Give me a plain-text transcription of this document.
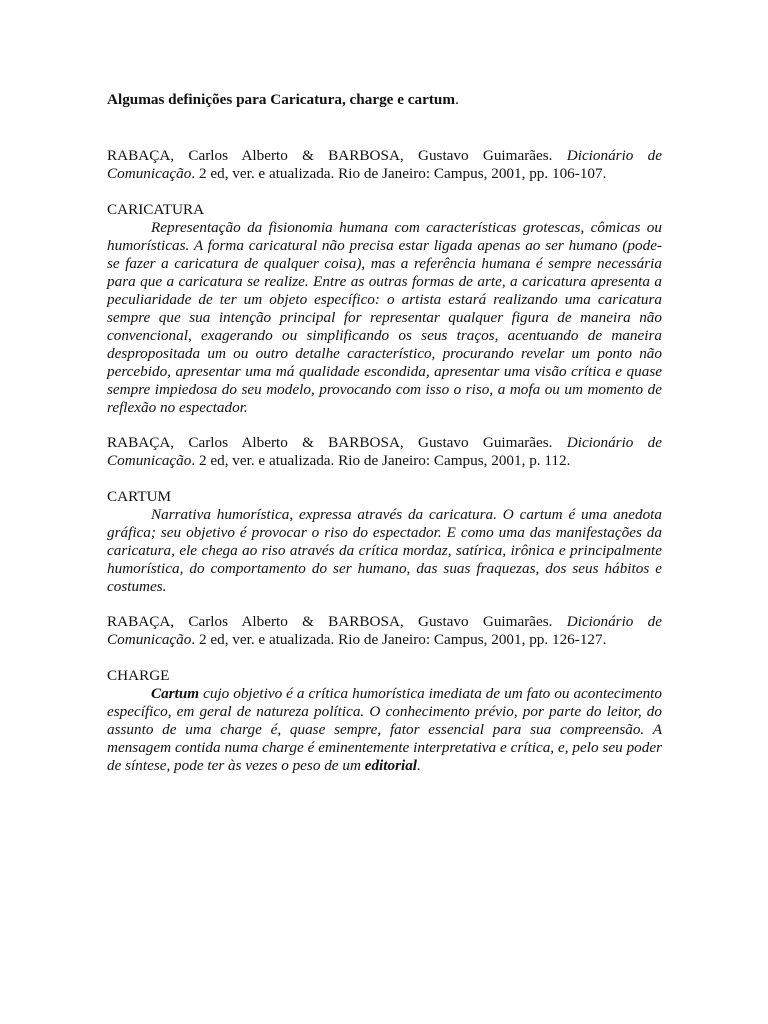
Algumas definições para Caricatura, charge e cartum.

RABAÇA, Carlos Alberto & BARBOSA, Gustavo Guimarães. Dicionário de Comunicação. 2 ed, ver. e atualizada. Rio de Janeiro: Campus, 2001, pp. 106-107.

CARICATURA

Representação da fisionomia humana com características grotescas, cômicas ou humorísticas. A forma caricatural não precisa estar ligada apenas ao ser humano (pode-se fazer a caricatura de qualquer coisa), mas a referência humana é sempre necessária para que a caricatura se realize. Entre as outras formas de arte, a caricatura apresenta a peculiaridade de ter um objeto específico: o artista estará realizando uma caricatura sempre que sua intenção principal for representar qualquer figura de maneira não convencional, exagerando ou simplificando os seus traços, acentuando de maneira despropositada um ou outro detalhe característico, procurando revelar um ponto não percebido, apresentar uma má qualidade escondida, apresentar uma visão crítica e quase sempre impiedosa do seu modelo, provocando com isso o riso, a mofa ou um momento de reflexão no espectador.

RABAÇA, Carlos Alberto & BARBOSA, Gustavo Guimarães. Dicionário de Comunicação. 2 ed, ver. e atualizada. Rio de Janeiro: Campus, 2001, p. 112.

CARTUM

Narrativa humorística, expressa através da caricatura. O cartum é uma anedota gráfica; seu objetivo é provocar o riso do espectador. E como uma das manifestações da caricatura, ele chega ao riso através da crítica mordaz, satírica, irônica e principalmente humorística, do comportamento do ser humano, das suas fraquezas, dos seus hábitos e costumes.

RABAÇA, Carlos Alberto & BARBOSA, Gustavo Guimarães. Dicionário de Comunicação. 2 ed, ver. e atualizada. Rio de Janeiro: Campus, 2001, pp. 126-127.

CHARGE

Cartum cujo objetivo é a crítica humorística imediata de um fato ou acontecimento específico, em geral de natureza política. O conhecimento prévio, por parte do leitor, do assunto de uma charge é, quase sempre, fator essencial para sua compreensão. A mensagem contida numa charge é eminentemente interpretativa e crítica, e, pelo seu poder de síntese, pode ter às vezes o peso de um editorial.
